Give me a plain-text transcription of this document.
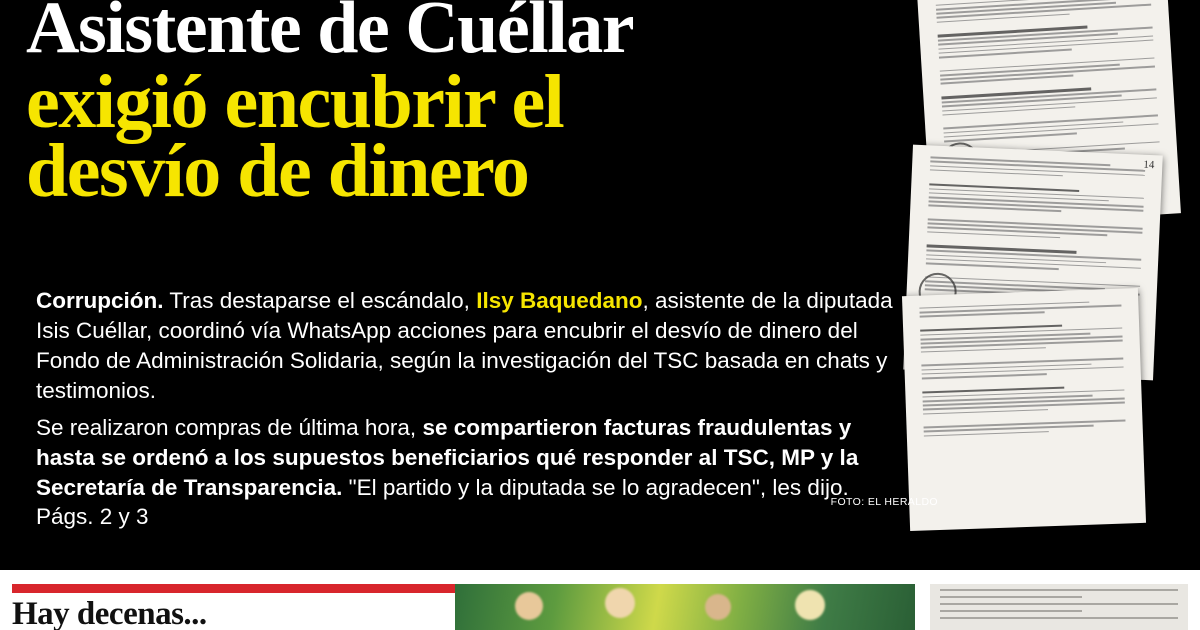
14
Asistente de Cuéllar
exigió encubrir el
desvío de dinero

Corrupción. Tras destaparse el escándalo, Ilsy Baquedano, asistente de la diputada Isis Cuéllar, coordinó vía WhatsApp acciones para encubrir el desvío de dinero del Fondo de Administración Solidaria, según la investigación del TSC basada en chats y testimonios.

Se realizaron compras de última hora, se compartieron facturas fraudulentas y hasta se ordenó a los supuestos beneficiarios qué responder al TSC, MP y la Secretaría de Transparencia. "El partido y la diputada se lo agradecen", les dijo. Págs. 2 y 3

FOTO: EL HERALDO
Hay decenas...
